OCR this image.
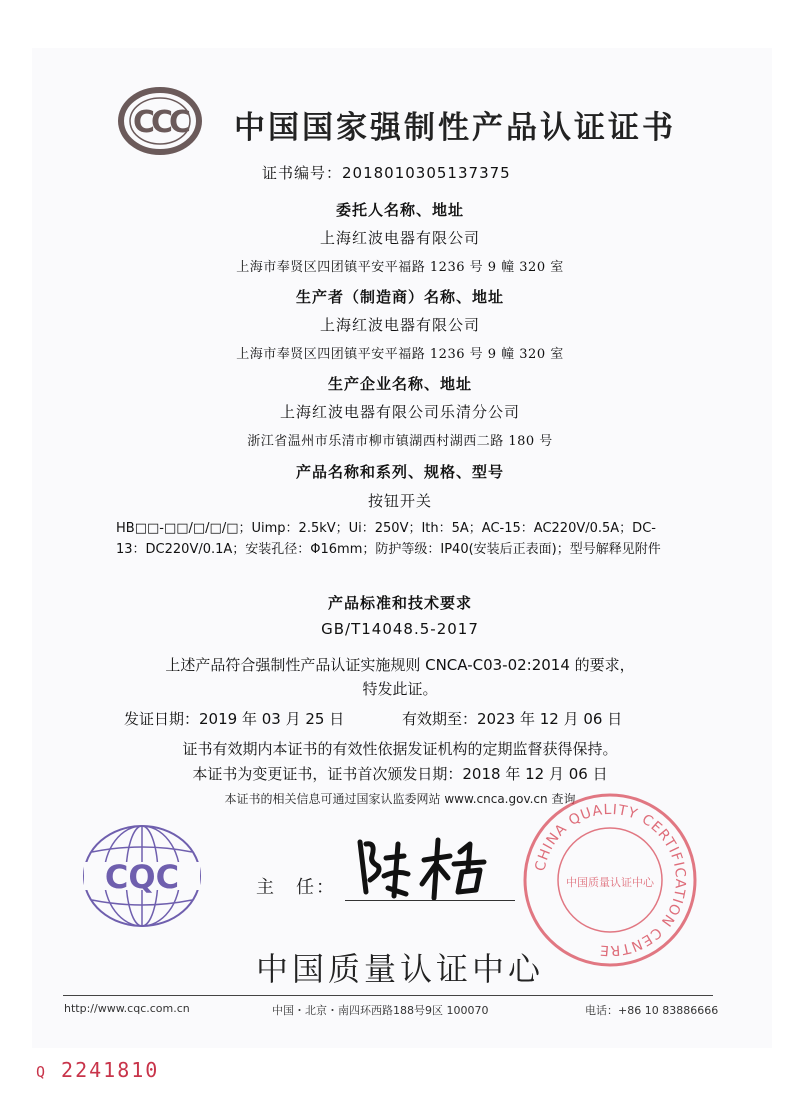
CCC 中国国家强制性产品认证证书
证书编号：2018010305137375
委托人名称、地址
上海红波电器有限公司
上海市奉贤区四团镇平安平福路 1236 号 9 幢 320 室
生产者（制造商）名称、地址
上海红波电器有限公司
上海市奉贤区四团镇平安平福路 1236 号 9 幢 320 室
生产企业名称、地址
上海红波电器有限公司乐清分公司
浙江省温州市乐清市柳市镇湖西村湖西二路 180 号
产品名称和系列、规格、型号
按钮开关
HB□□-□□/□/□/□；Uimp：2.5kV；Ui：250V；Ith：5A；AC-15：AC220V/0.5A；DC-13：DC220V/0.1A；安装孔径：Φ16mm；防护等级：IP40(安装后正表面)；型号解释见附件
产品标准和技术要求
GB/T14048.5-2017
上述产品符合强制性产品认证实施规则 CNCA-C03-02:2014 的要求，
特发此证。
发证日期：2019 年 03 月 25 日	有效期至：2023 年 12 月 06 日
证书有效期内本证书的有效性依据发证机构的定期监督获得保持。
本证书为变更证书，证书首次颁发日期：2018 年 12 月 06 日
本证书的相关信息可通过国家认监委网站 www.cnca.gov.cn 查询
CQC	主　任：
CHINA QUALITY CERTIFICATION CENTRE
中国质量认证中心
中国质量认证中心
http://www.cqc.com.cn	中国・北京・南四环西路188号9区 100070	电话：+86 10 83886666
Q 2241810
